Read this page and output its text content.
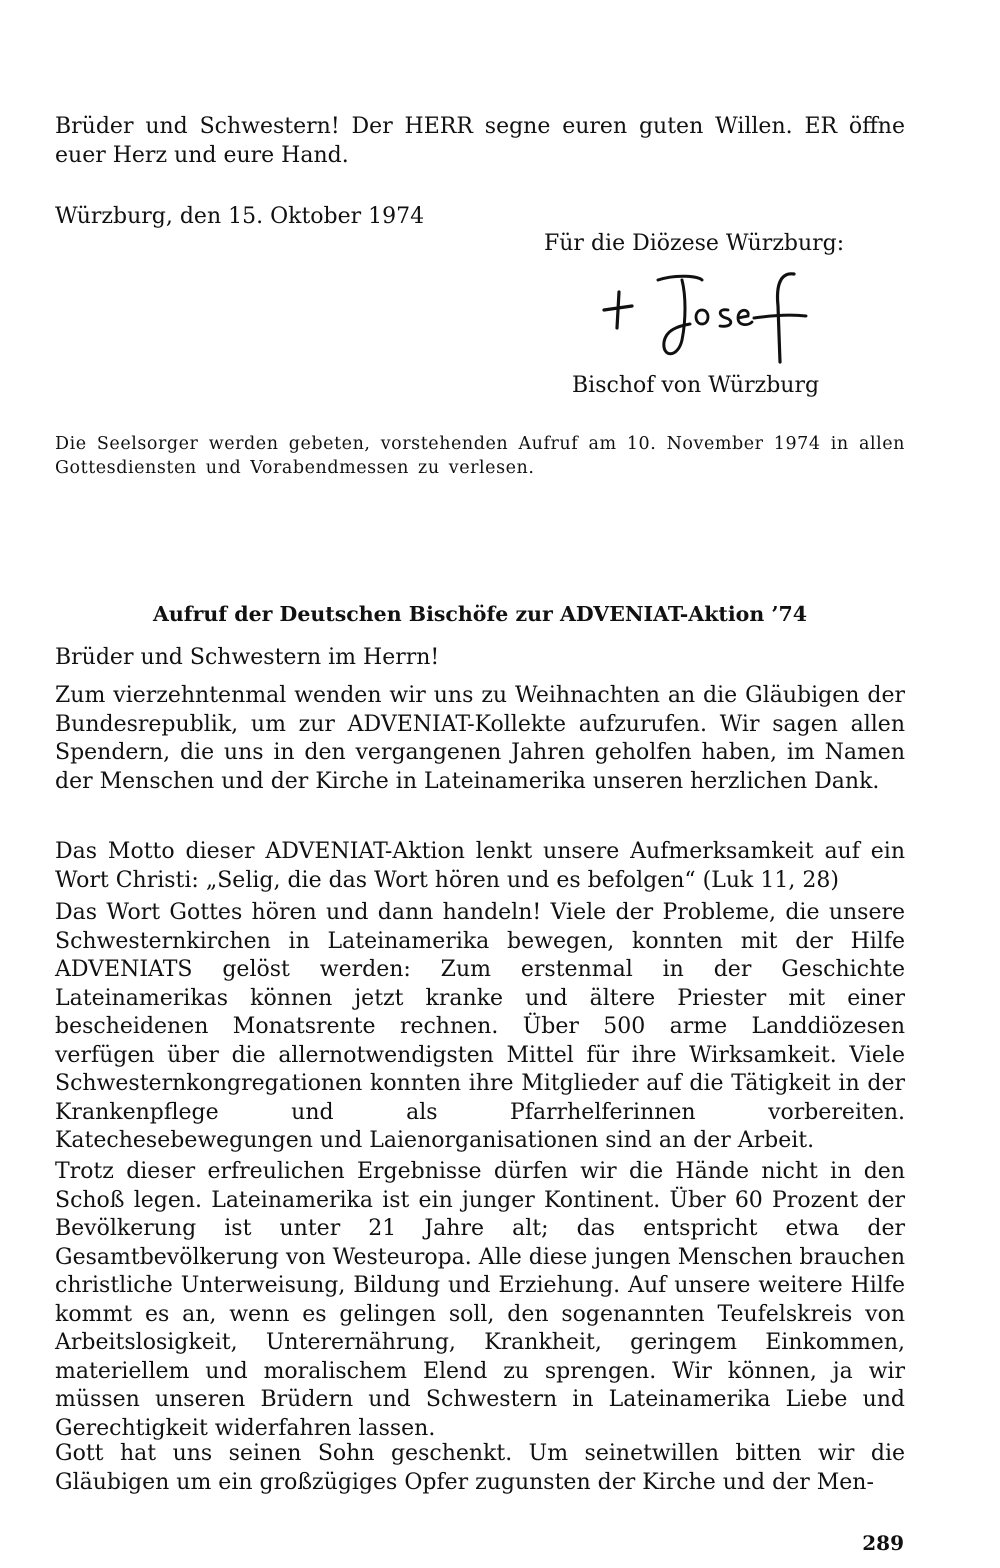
Brüder und Schwestern! Der HERR segne euren guten Willen. ER öffne euer Herz und eure Hand.

Würzburg, den 15. Oktober 1974
Für die Diözese Würzburg:
Bischof von Würzburg

Die Seelsorger werden gebeten, vorstehenden Aufruf am 10. November 1974 in allen Gottesdiensten und Vorabendmessen zu verlesen.

Aufruf der Deutschen Bischöfe zur ADVENIAT-Aktion ’74

Brüder und Schwestern im Herrn!

Zum vierzehntenmal wenden wir uns zu Weihnachten an die Gläubigen der Bundesrepublik, um zur ADVENIAT-Kollekte aufzurufen. Wir sagen allen Spendern, die uns in den vergangenen Jahren geholfen haben, im Namen der Menschen und der Kirche in Lateinamerika unseren herzlichen Dank.

Das Motto dieser ADVENIAT-Aktion lenkt unsere Aufmerksamkeit auf ein Wort Christi: „Selig, die das Wort hören und es befolgen“ (Luk 11, 28)

Das Wort Gottes hören und dann handeln! Viele der Probleme, die unsere Schwesternkirchen in Lateinamerika bewegen, konnten mit der Hilfe ADVENIATS gelöst werden: Zum erstenmal in der Geschichte Lateinamerikas können jetzt kranke und ältere Priester mit einer bescheidenen Monatsrente rechnen. Über 500 arme Landdiözesen verfügen über die allernotwendigsten Mittel für ihre Wirksamkeit. Viele Schwesternkongregationen konnten ihre Mitglieder auf die Tätigkeit in der Krankenpflege und als Pfarrhelferinnen vorbereiten. Katechesebewegungen und Laienorganisationen sind an der Arbeit.

Trotz dieser erfreulichen Ergebnisse dürfen wir die Hände nicht in den Schoß legen. Lateinamerika ist ein junger Kontinent. Über 60 Prozent der Bevölkerung ist unter 21 Jahre alt; das entspricht etwa der Gesamtbevölkerung von Westeuropa. Alle diese jungen Menschen brauchen christliche Unterweisung, Bildung und Erziehung. Auf unsere weitere Hilfe kommt es an, wenn es gelingen soll, den sogenannten Teufelskreis von Arbeitslosigkeit, Unterernährung, Krankheit, geringem Einkommen, materiellem und moralischem Elend zu sprengen. Wir können, ja wir müssen unseren Brüdern und Schwestern in Lateinamerika Liebe und Gerechtigkeit widerfahren lassen.

Gott hat uns seinen Sohn geschenkt. Um seinetwillen bitten wir die Gläubigen um ein großzügiges Opfer zugunsten der Kirche und der Men-

289
